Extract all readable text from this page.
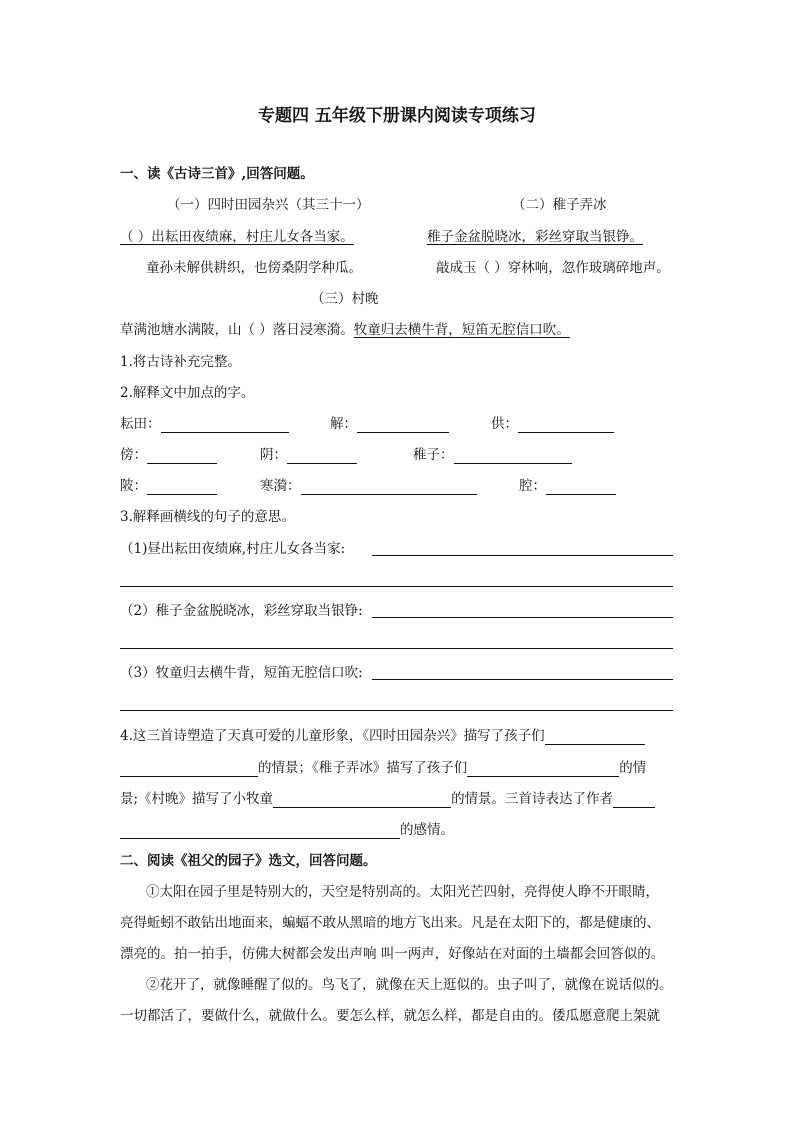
专题四 五年级下册课内阅读专项练习
一、读《古诗三首》,回答问题。
（一）四时田园杂兴（其三十一）	（二）稚子弄冰
（ ）出耘田夜绩麻，村庄儿女各当家。	稚子金盆脱晓冰，彩丝穿取当银铮。
童孙未解供耕织，也傍桑阴学种瓜。	敲成玉（ ）穿林响，忽作玻璃碎地声。
（三）村晚
草满池塘水满陂，山（ ）落日浸寒漪。牧童归去横牛背，短笛无腔信口吹。
1.将古诗补充完整。
2.解释文中加点的字。
耘田：	解：	供：
傍：	阴：	稚子：
陂：	寒漪：	腔：
3.解释画横线的句子的意思。
（1)昼出耘田夜绩麻,村庄儿女各当家:
（2）稚子金盆脱晓冰，彩丝穿取当银铮:
（3）牧童归去横牛背，短笛无腔信口吹:
4.这三首诗塑造了天真可爱的儿童形象，《四时田园杂兴》描写了孩子们
的情景；《稚子弄冰》描写了孩子们	的情
景;《村晚》描写了小牧童	的情景。三首诗表达了作者
的感情。
二、阅读《祖父的园子》选文，回答问题。
①太阳在园子里是特别大的，天空是特别高的。太阳光芒四射，亮得使人睁不开眼睛，
亮得蚯蚓不敢钻出地面来，蝙蝠不敢从黑暗的地方飞出来。凡是在太阳下的，都是健康的、
漂亮的。拍一拍手，仿佛大树都会发出声响 叫一两声，好像站在对面的土墙都会回答似的。
②花开了，就像睡醒了似的。鸟飞了，就像在天上逛似的。虫子叫了，就像在说话似的。
一切都活了，要做什么，就做什么。要怎么样，就怎么样，都是自由的。倭瓜愿意爬上架就
